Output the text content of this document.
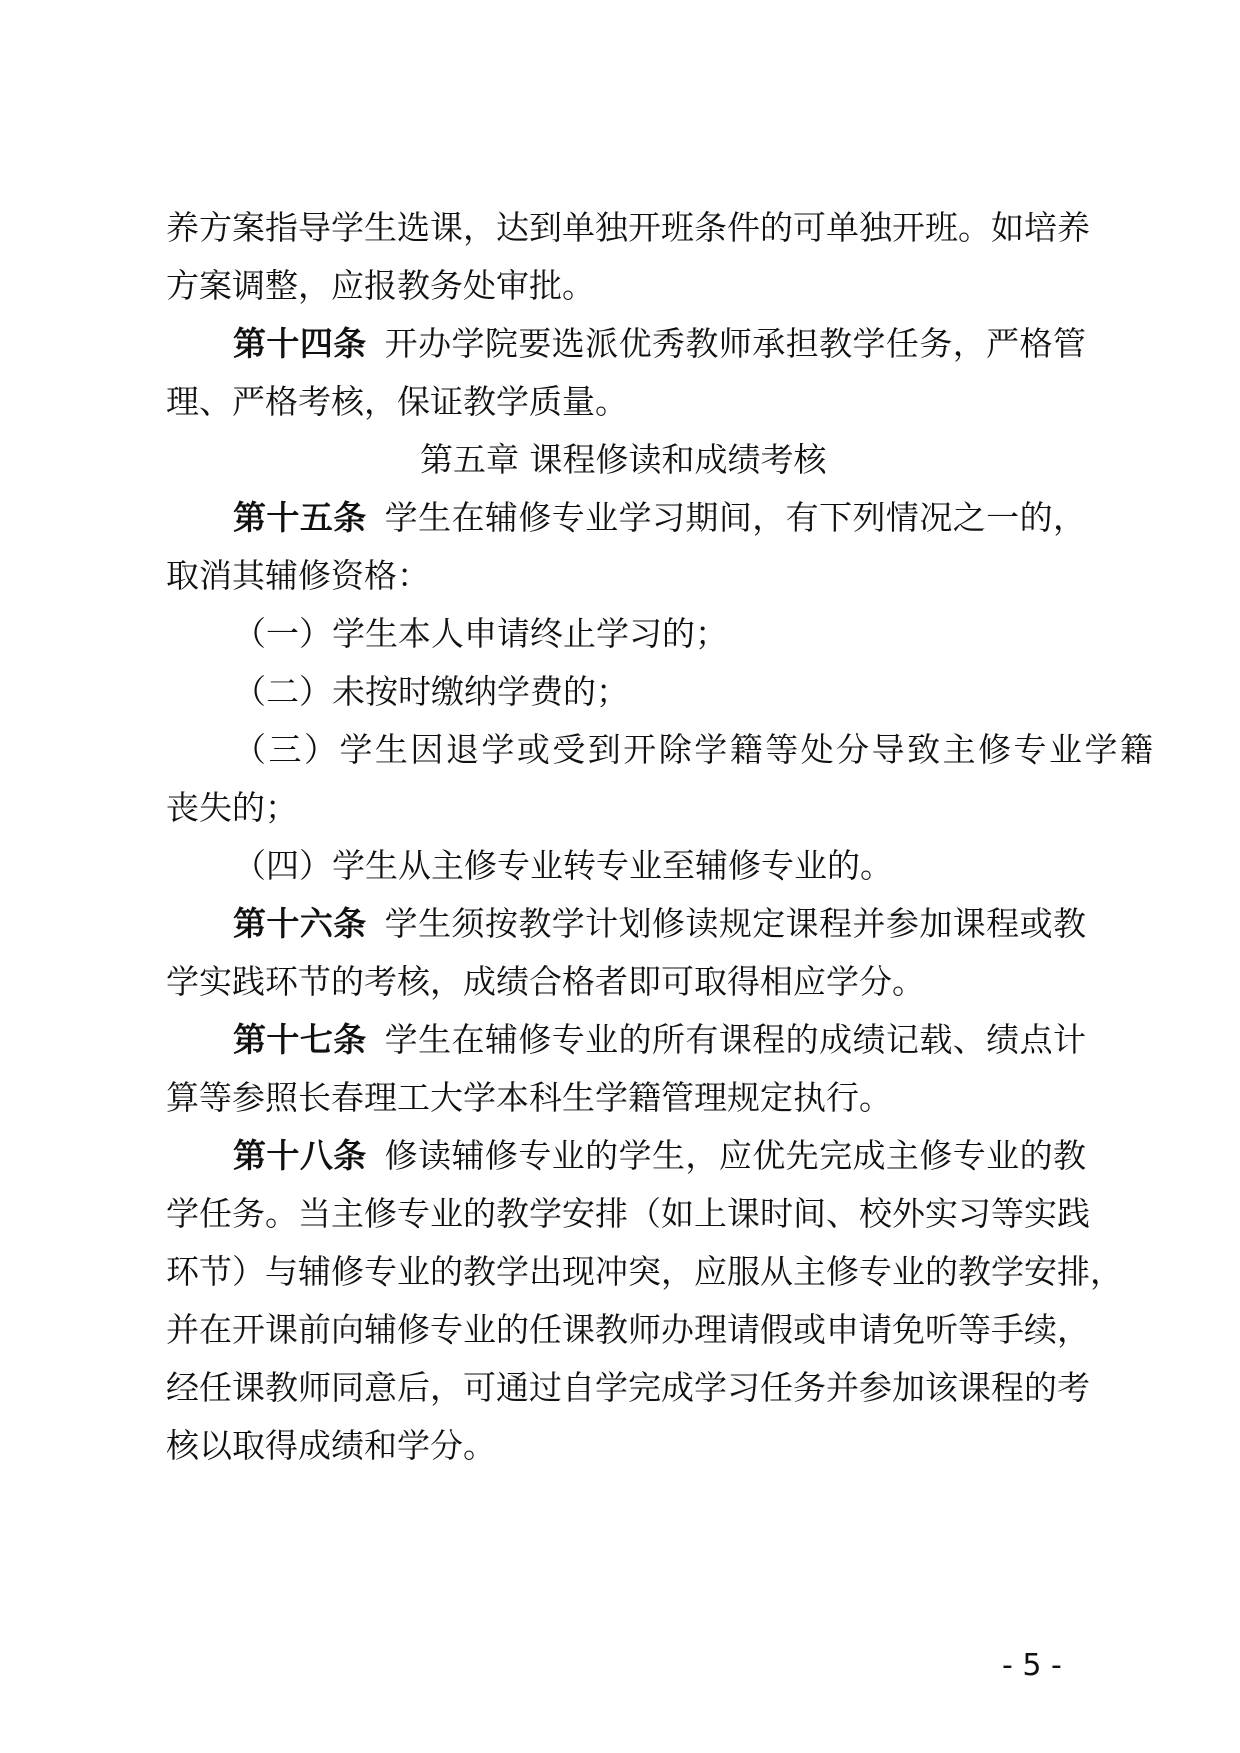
养方案指导学生选课，达到单独开班条件的可单独开班。如培养
方案调整，应报教务处审批。
第十四条 开办学院要选派优秀教师承担教学任务，严格管
理、严格考核，保证教学质量。
第五章 课程修读和成绩考核
第十五条 学生在辅修专业学习期间，有下列情况之一的，
取消其辅修资格：
（一）学生本人申请终止学习的；
（二）未按时缴纳学费的；
（三）学生因退学或受到开除学籍等处分导致主修专业学籍
丧失的；
（四）学生从主修专业转专业至辅修专业的。
第十六条 学生须按教学计划修读规定课程并参加课程或教
学实践环节的考核，成绩合格者即可取得相应学分。
第十七条 学生在辅修专业的所有课程的成绩记载、绩点计
算等参照长春理工大学本科生学籍管理规定执行。
第十八条 修读辅修专业的学生，应优先完成主修专业的教
学任务。当主修专业的教学安排（如上课时间、校外实习等实践
环节）与辅修专业的教学出现冲突，应服从主修专业的教学安排，
并在开课前向辅修专业的任课教师办理请假或申请免听等手续，
经任课教师同意后，可通过自学完成学习任务并参加该课程的考
核以取得成绩和学分。
- 5 -
